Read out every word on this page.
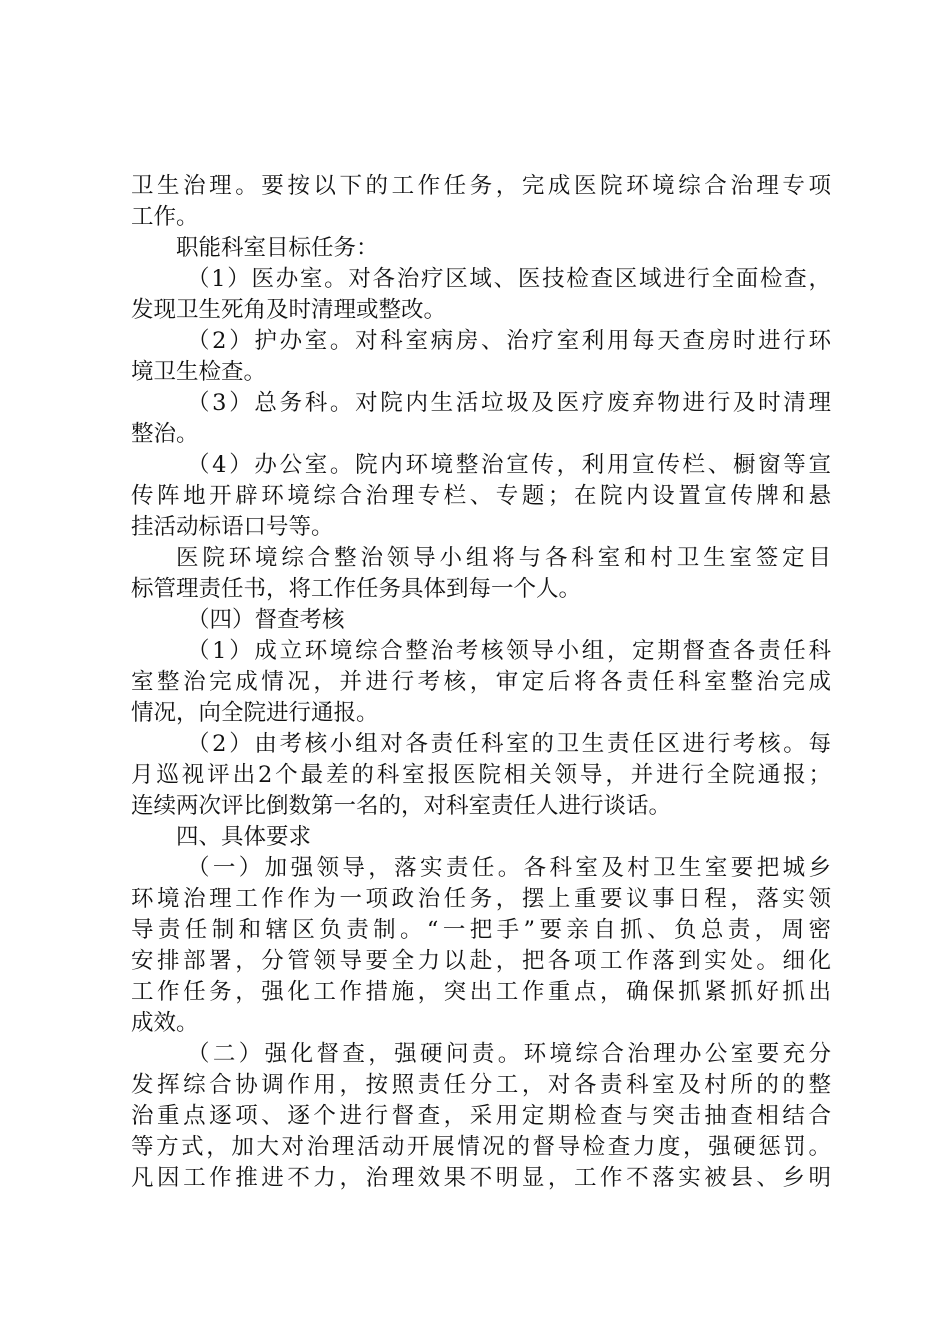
卫生治理。要按以下的工作任务，完成医院环境综合治理专项
工作。
职能科室目标任务：
（1）医办室。对各治疗区域、医技检查区域进行全面检查，
发现卫生死角及时清理或整改。
（2）护办室。对科室病房、治疗室利用每天查房时进行环
境卫生检查。
（3）总务科。对院内生活垃圾及医疗废弃物进行及时清理
整治。
（4）办公室。院内环境整治宣传，利用宣传栏、橱窗等宣
传阵地开辟环境综合治理专栏、专题；在院内设置宣传牌和悬
挂活动标语口号等。
医院环境综合整治领导小组将与各科室和村卫生室签定目
标管理责任书，将工作任务具体到每一个人。
（四）督查考核
（1）成立环境综合整治考核领导小组，定期督查各责任科
室整治完成情况，并进行考核，审定后将各责任科室整治完成
情况，向全院进行通报。
（2）由考核小组对各责任科室的卫生责任区进行考核。每
月巡视评出2个最差的科室报医院相关领导，并进行全院通报；
连续两次评比倒数第一名的，对科室责任人进行谈话。
四、具体要求
（一）加强领导，落实责任。各科室及村卫生室要把城乡
环境治理工作作为一项政治任务，摆上重要议事日程，落实领
导责任制和辖区负责制。“一把手”要亲自抓、负总责，周密
安排部署，分管领导要全力以赴，把各项工作落到实处。细化
工作任务，强化工作措施，突出工作重点，确保抓紧抓好抓出
成效。
（二）强化督查，强硬问责。环境综合治理办公室要充分
发挥综合协调作用，按照责任分工，对各责科室及村所的的整
治重点逐项、逐个进行督查，采用定期检查与突击抽查相结合
等方式，加大对治理活动开展情况的督导检查力度，强硬惩罚。
凡因工作推进不力，治理效果不明显，工作不落实被县、乡明
